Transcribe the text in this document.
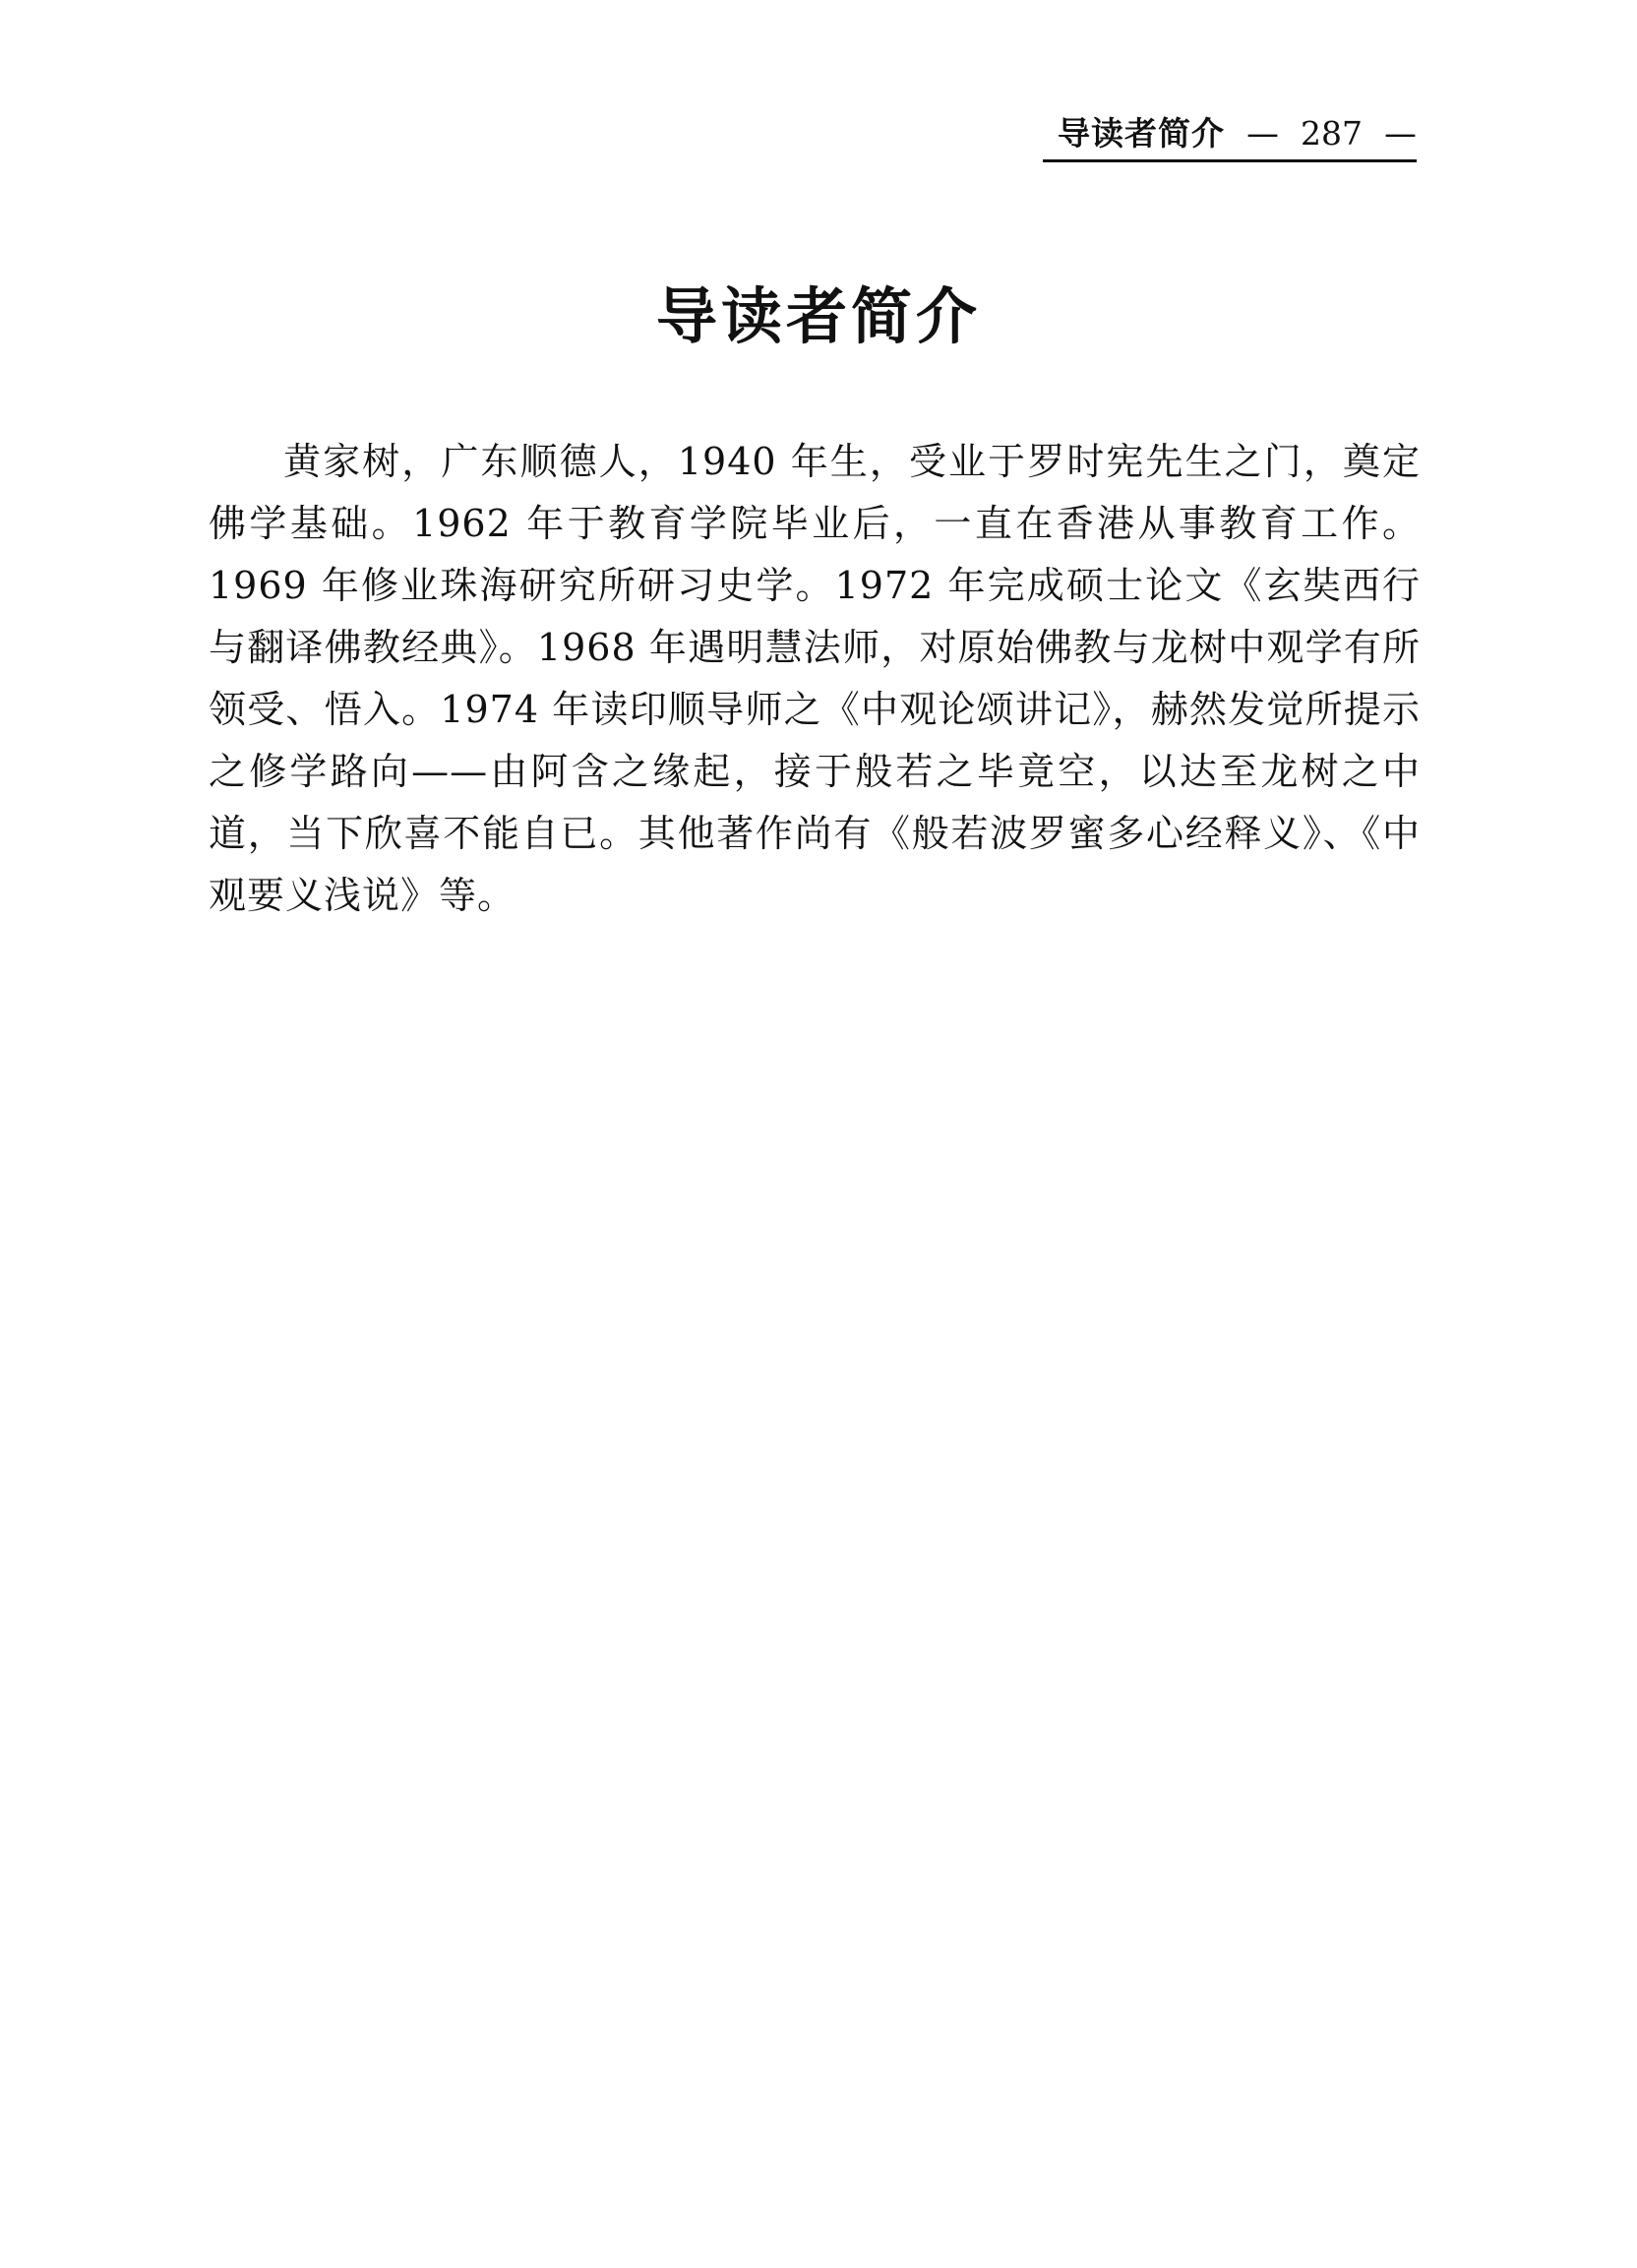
导读者简介 — 287 —
导读者简介

黄家树，广东顺德人，1940 年生，受业于罗时宪先生之门，奠定佛学基础。1962 年于教育学院毕业后，一直在香港从事教育工作。1969 年修业珠海研究所研习史学。1972 年完成硕士论文《玄奘西行与翻译佛教经典》。1968 年遇明慧法师，对原始佛教与龙树中观学有所领受、悟入。1974 年读印顺导师之《中观论颂讲记》，赫然发觉所提示之修学路向——由阿含之缘起，接于般若之毕竟空，以达至龙树之中道，当下欣喜不能自已。其他著作尚有《般若波罗蜜多心经释义》、《中观要义浅说》等。
